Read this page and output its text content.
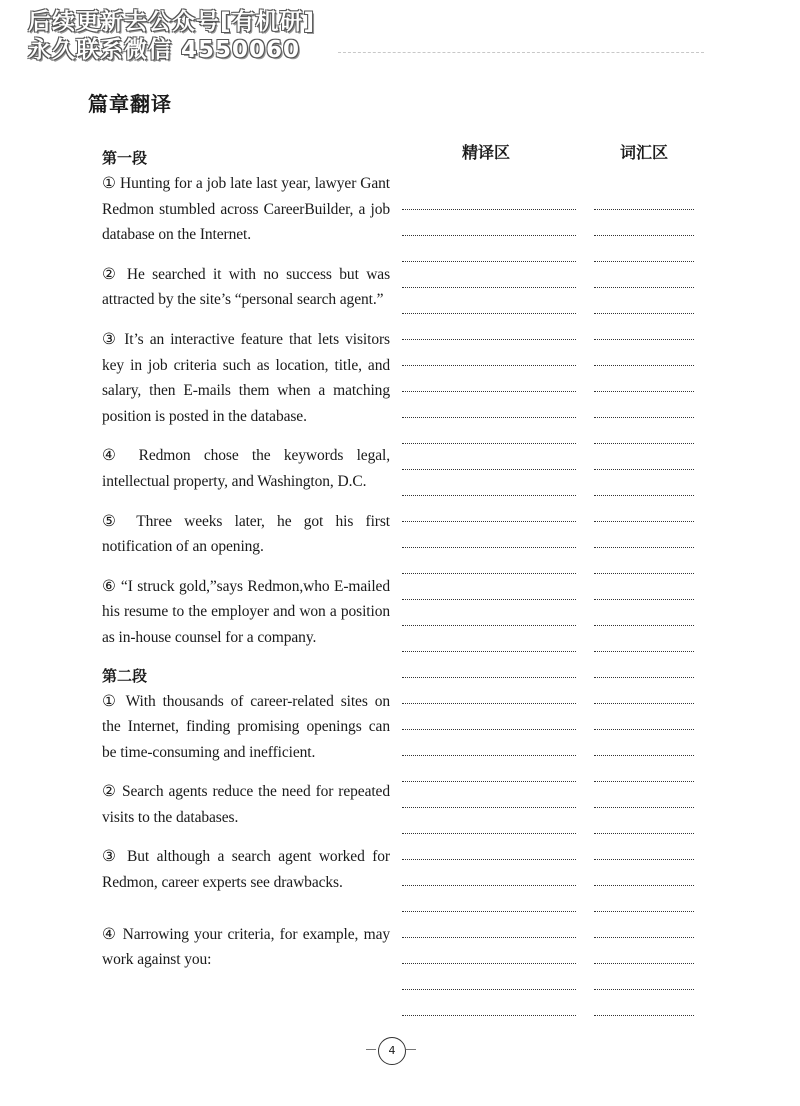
后续更新去公众号[有机研]
永久联系微信 4550060
篇章翻译
精译区	词汇区
第一段

① Hunting for a job late last year, lawyer Gant Redmon stumbled across CareerBuilder, a job database on the Internet.

② He searched it with no success but was attracted by the site’s “personal search agent.”

③ It’s an interactive feature that lets visitors key in job criteria such as location, title, and salary, then E-mails them when a matching position is posted in the database.

④ Redmon chose the keywords legal, intellectual property, and Washington, D.C.

⑤ Three weeks later, he got his first notification of an opening.

⑥ “I struck gold,”says Redmon,who E-mailed his resume to the employer and won a position as in-house counsel for a company.

第二段

① With thousands of career-related sites on the Internet, finding promising openings can be time-consuming and inefficient.

② Search agents reduce the need for repeated visits to the databases.

③ But although a search agent worked for Redmon, career experts see drawbacks.

④ Narrowing your criteria, for example, may work against you:

4
